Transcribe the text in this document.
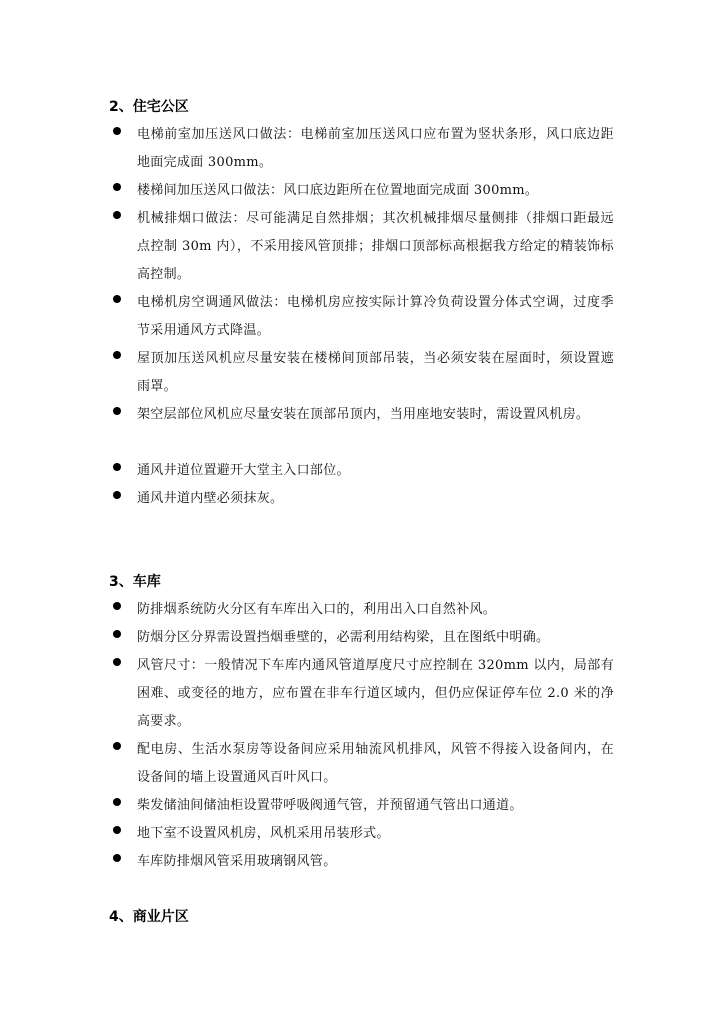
2、住宅公区
电梯前室加压送风口做法：电梯前室加压送风口应布置为竖状条形，风口底边距地面完成面 300mm。
楼梯间加压送风口做法：风口底边距所在位置地面完成面 300mm。
机械排烟口做法：尽可能满足自然排烟；其次机械排烟尽量侧排（排烟口距最远点控制 30m 内），不采用接风管顶排；排烟口顶部标高根据我方给定的精装饰标高控制。
电梯机房空调通风做法：电梯机房应按实际计算冷负荷设置分体式空调，过度季节采用通风方式降温。
屋顶加压送风机应尽量安装在楼梯间顶部吊装，当必须安装在屋面时，须设置遮雨罩。
架空层部位风机应尽量安装在顶部吊顶内，当用座地安装时，需设置风机房。
通风井道位置避开大堂主入口部位。
通风井道内壁必须抹灰。
3、车库
防排烟系统防火分区有车库出入口的，利用出入口自然补风。
防烟分区分界需设置挡烟垂壁的，必需利用结构梁，且在图纸中明确。
风管尺寸：一般情况下车库内通风管道厚度尺寸应控制在 320mm 以内，局部有困难、或变径的地方，应布置在非车行道区域内，但仍应保证停车位 2.0 米的净高要求。
配电房、生活水泵房等设备间应采用轴流风机排风，风管不得接入设备间内，在设备间的墙上设置通风百叶风口。
柴发储油间储油柜设置带呼吸阀通气管，并预留通气管出口通道。
地下室不设置风机房，风机采用吊装形式。
车库防排烟风管采用玻璃钢风管。
4、商业片区
